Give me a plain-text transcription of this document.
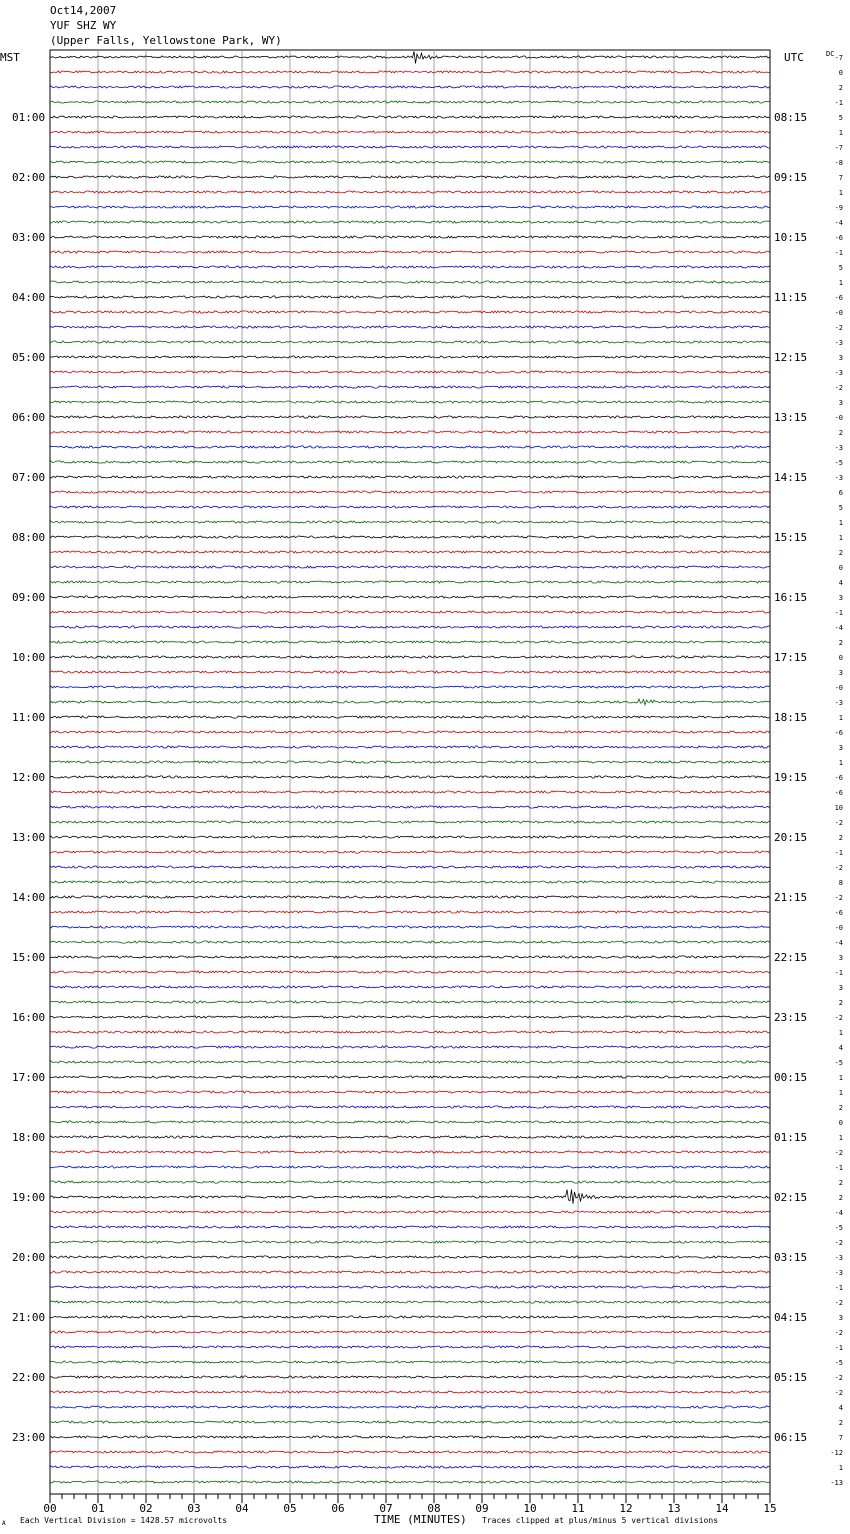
Oct14,2007
YUF SHZ WY
(Upper Falls, Yellowstone Park, WY)
MST	UTC	-7
0
2
-1
5
1
-7
-8
7
1
-9
-4
-6
-1
5
1
-6
-0
-2
-3
3
-3
-2
3
-0
2
-3
-5
-3
6
5
1
1
2
0
4
3
-1
-4
2
0
3
-0
-3
1
-6
3
1
-6
-6
10
-2
2
-1
-2
8
-2
-6
-0
-4
3
-1
3
2
-2
1
4
-5
1
1
2
0
1
-2
-1
2
2
-4
-5
-2
-3
-3
-1
-2
3
-2
-1
-5
-2
-2
4
2
7
-12
1
-13
DC
01:00	08:15
02:00	09:15
03:00	10:15
04:00	11:15
05:00	12:15
06:00	13:15
07:00	14:15
08:00	15:15
09:00	16:15
10:00	17:15
11:00	18:15
12:00	19:15
13:00	20:15
14:00	21:15
15:00	22:15
16:00	23:15
17:00	00:15
18:00	01:15
19:00	02:15
20:00	03:15
21:00	04:15
22:00	05:15
23:00	06:15
00	01	02	03	04	05	06	07	08	09	10	11	12	13	14	15
TIME (MINUTES)
A Each Vertical Division = 1428.57 microvolts	Traces clipped at plus/minus 5 vertical divisions
